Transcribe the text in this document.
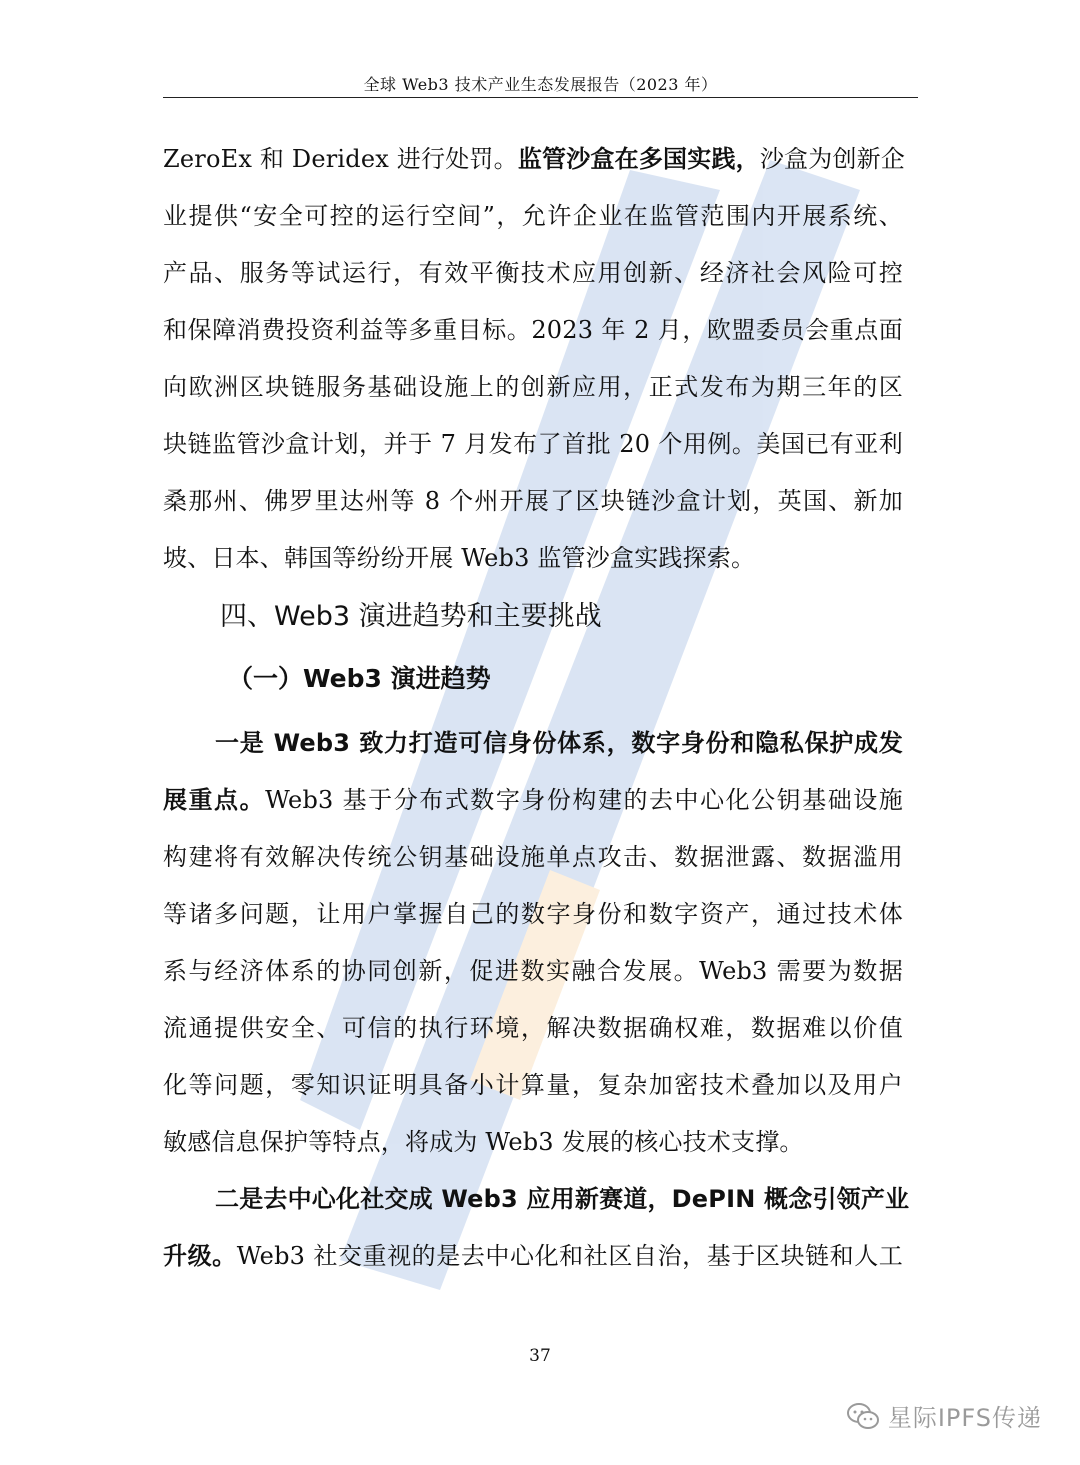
全球 Web3 技术产业生态发展报告（2023 年）
ZeroEx 和 Deridex 进行处罚。监管沙盒在多国实践，沙盒为创新企
业提供“安全可控的运行空间”，允许企业在监管范围内开展系统、
产品、服务等试运行，有效平衡技术应用创新、经济社会风险可控
和保障消费投资利益等多重目标。2023 年 2 月，欧盟委员会重点面
向欧洲区块链服务基础设施上的创新应用，正式发布为期三年的区
块链监管沙盒计划，并于 7 月发布了首批 20 个用例。美国已有亚利
桑那州、佛罗里达州等 8 个州开展了区块链沙盒计划，英国、新加
坡、日本、韩国等纷纷开展 Web3 监管沙盒实践探索。
四、Web3 演进趋势和主要挑战
（一）Web3 演进趋势
一是 Web3 致力打造可信身份体系，数字身份和隐私保护成发
展重点。Web3 基于分布式数字身份构建的去中心化公钥基础设施
构建将有效解决传统公钥基础设施单点攻击、数据泄露、数据滥用
等诸多问题，让用户掌握自己的数字身份和数字资产，通过技术体
系与经济体系的协同创新，促进数实融合发展。Web3 需要为数据
流通提供安全、可信的执行环境，解决数据确权难，数据难以价值
化等问题，零知识证明具备小计算量，复杂加密技术叠加以及用户
敏感信息保护等特点，将成为 Web3 发展的核心技术支撑。
二是去中心化社交成 Web3 应用新赛道，DePIN 概念引领产业
升级。Web3 社交重视的是去中心化和社区自治，基于区块链和人工
37
星际IPFS传递
